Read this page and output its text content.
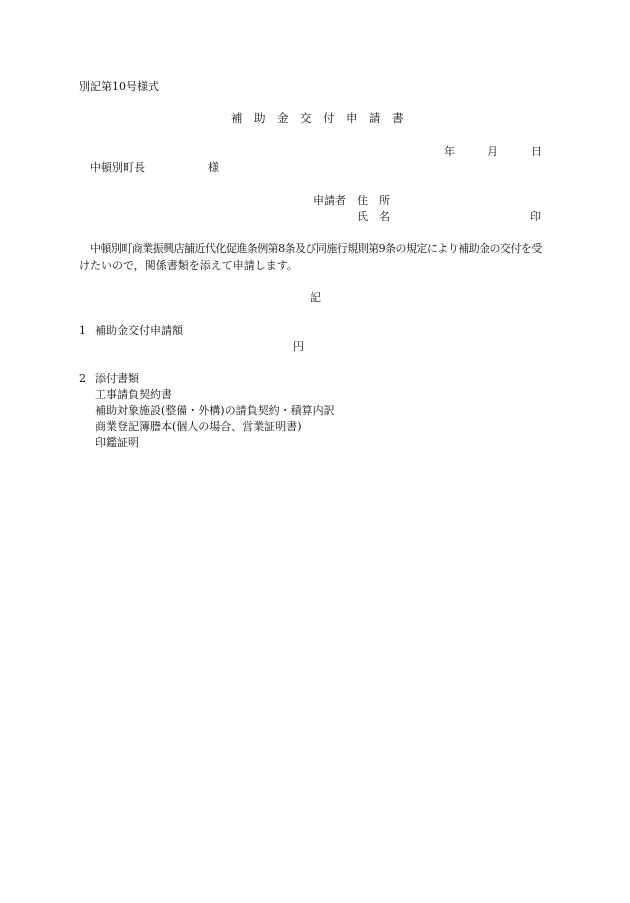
別記第10号様式
補　助　金　交　付　申　請　書
年	月	日
中頓別町長	様
申請者 住　所
氏　名	印
中頓別町商業振興店舗近代化促進条例第8条及び同施行規則第9条の規定により補助金の交付を受
けたいので，関係書類を添えて申請します。
記
1 補助金交付申請額
円
2 添付書類
工事請負契約書
補助対象施設(整備・外構)の請負契約・積算内訳
商業登記簿謄本(個人の場合、営業証明書)
印鑑証明
